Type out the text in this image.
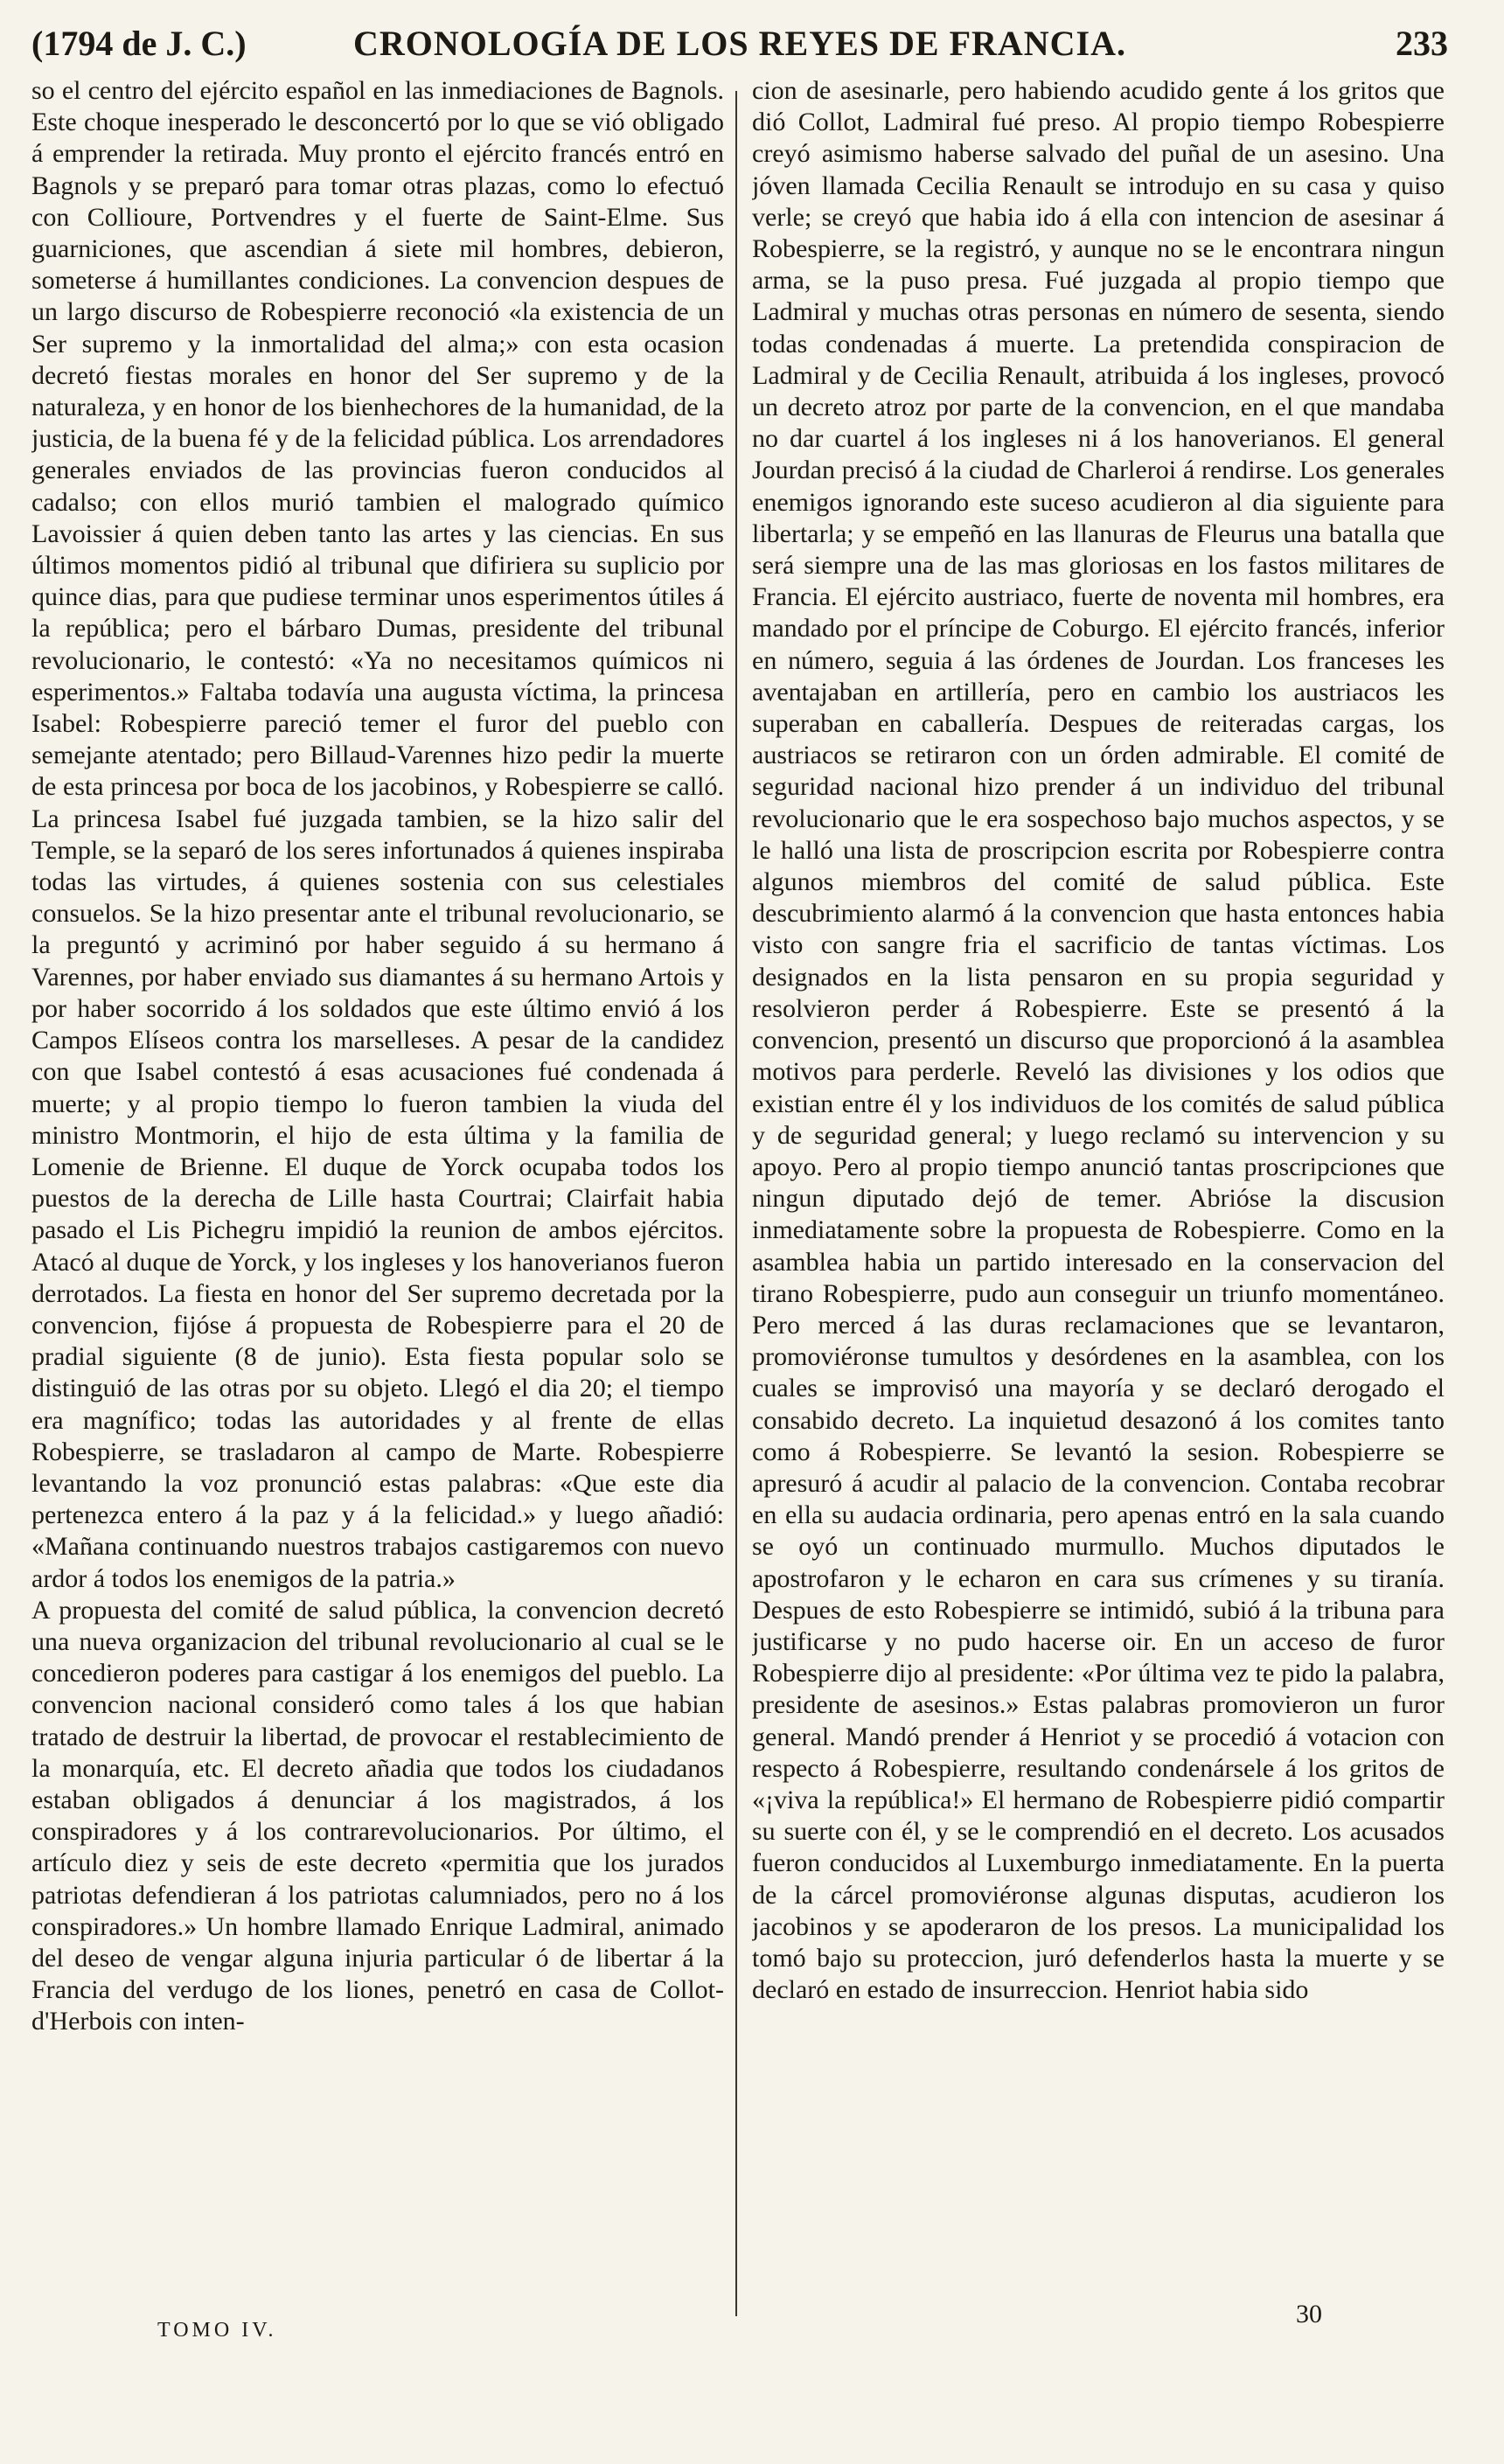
(1794 de J. C.)	CRONOLOGÍA DE LOS REYES DE FRANCIA.	233

so el centro del ejército español en las inmediaciones de Bagnols. Este choque inesperado le desconcertó por lo que se vió obligado á emprender la retirada. Muy pronto el ejército francés entró en Bagnols y se preparó para tomar otras plazas, como lo efectuó con Collioure, Portvendres y el fuerte de Saint-Elme. Sus guarniciones, que ascendian á siete mil hombres, debieron, someterse á humillantes condiciones. La convencion despues de un largo discurso de Robespierre reconoció «la existencia de un Ser supremo y la inmortalidad del alma;» con esta ocasion decretó fiestas morales en honor del Ser supremo y de la naturaleza, y en honor de los bienhechores de la humanidad, de la justicia, de la buena fé y de la felicidad pública. Los arrendadores generales enviados de las provincias fueron conducidos al cadalso; con ellos murió tambien el malogrado químico Lavoissier á quien deben tanto las artes y las ciencias. En sus últimos momentos pidió al tribunal que difiriera su suplicio por quince dias, para que pudiese terminar unos esperimentos útiles á la república; pero el bárbaro Dumas, presidente del tribunal revolucionario, le contestó: «Ya no necesitamos químicos ni esperimentos.» Faltaba todavía una augusta víctima, la princesa Isabel: Robespierre pareció temer el furor del pueblo con semejante atentado; pero Billaud-Varennes hizo pedir la muerte de esta princesa por boca de los jacobinos, y Robespierre se calló. La princesa Isabel fué juzgada tambien, se la hizo salir del Temple, se la separó de los seres infortunados á quienes inspiraba todas las virtudes, á quienes sostenia con sus celestiales consuelos. Se la hizo presentar ante el tribunal revolucionario, se la preguntó y acriminó por haber seguido á su hermano á Varennes, por haber enviado sus diamantes á su hermano Artois y por haber socorrido á los soldados que este último envió á los Campos Elíseos contra los marselleses. A pesar de la candidez con que Isabel contestó á esas acusaciones fué condenada á muerte; y al propio tiempo lo fueron tambien la viuda del ministro Montmorin, el hijo de esta última y la familia de Lomenie de Brienne. El duque de Yorck ocupaba todos los puestos de la derecha de Lille hasta Courtrai; Clairfait habia pasado el Lis Pichegru impidió la reunion de ambos ejércitos. Atacó al duque de Yorck, y los ingleses y los hanoverianos fueron derrotados. La fiesta en honor del Ser supremo decretada por la convencion, fijóse á propuesta de Robespierre para el 20 de pradial siguiente (8 de junio). Esta fiesta popular solo se distinguió de las otras por su objeto. Llegó el dia 20; el tiempo era magnífico; todas las autoridades y al frente de ellas Robespierre, se trasladaron al campo de Marte. Robespierre levantando la voz pronunció estas palabras: «Que este dia pertenezca entero á la paz y á la felicidad.» y luego añadió: «Mañana continuando nuestros trabajos castigaremos con nuevo ardor á todos los enemigos de la patria.»

A propuesta del comité de salud pública, la convencion decretó una nueva organizacion del tribunal revolucionario al cual se le concedieron poderes para castigar á los enemigos del pueblo. La convencion nacional consideró como tales á los que habian tratado de destruir la libertad, de provocar el restablecimiento de la monarquía, etc. El decreto añadia que todos los ciudadanos estaban obligados á denunciar á los magistrados, á los conspiradores y á los contrarevolucionarios. Por último, el artículo diez y seis de este decreto «permitia que los jurados patriotas defendieran á los patriotas calumniados, pero no á los conspiradores.» Un hombre llamado Enrique Ladmiral, animado del deseo de vengar alguna injuria particular ó de libertar á la Francia del verdugo de los liones, penetró en casa de Collot-d'Herbois con inten-

cion de asesinarle, pero habiendo acudido gente á los gritos que dió Collot, Ladmiral fué preso. Al propio tiempo Robespierre creyó asimismo haberse salvado del puñal de un asesino. Una jóven llamada Cecilia Renault se introdujo en su casa y quiso verle; se creyó que habia ido á ella con intencion de asesinar á Robespierre, se la registró, y aunque no se le encontrara ningun arma, se la puso presa. Fué juzgada al propio tiempo que Ladmiral y muchas otras personas en número de sesenta, siendo todas condenadas á muerte. La pretendida conspiracion de Ladmiral y de Cecilia Renault, atribuida á los ingleses, provocó un decreto atroz por parte de la convencion, en el que mandaba no dar cuartel á los ingleses ni á los hanoverianos. El general Jourdan precisó á la ciudad de Charleroi á rendirse. Los generales enemigos ignorando este suceso acudieron al dia siguiente para libertarla; y se empeñó en las llanuras de Fleurus una batalla que será siempre una de las mas gloriosas en los fastos militares de Francia. El ejército austriaco, fuerte de noventa mil hombres, era mandado por el príncipe de Coburgo. El ejército francés, inferior en número, seguia á las órdenes de Jourdan. Los franceses les aventajaban en artillería, pero en cambio los austriacos les superaban en caballería. Despues de reiteradas cargas, los austriacos se retiraron con un órden admirable. El comité de seguridad nacional hizo prender á un individuo del tribunal revolucionario que le era sospechoso bajo muchos aspectos, y se le halló una lista de proscripcion escrita por Robespierre contra algunos miembros del comité de salud pública. Este descubrimiento alarmó á la convencion que hasta entonces habia visto con sangre fria el sacrificio de tantas víctimas. Los designados en la lista pensaron en su propia seguridad y resolvieron perder á Robespierre. Este se presentó á la convencion, presentó un discurso que proporcionó á la asamblea motivos para perderle. Reveló las divisiones y los odios que existian entre él y los individuos de los comités de salud pública y de seguridad general; y luego reclamó su intervencion y su apoyo. Pero al propio tiempo anunció tantas proscripciones que ningun diputado dejó de temer. Abrióse la discusion inmediatamente sobre la propuesta de Robespierre. Como en la asamblea habia un partido interesado en la conservacion del tirano Robespierre, pudo aun conseguir un triunfo momentáneo. Pero merced á las duras reclamaciones que se levantaron, promoviéronse tumultos y desórdenes en la asamblea, con los cuales se improvisó una mayoría y se declaró derogado el consabido decreto. La inquietud desazonó á los comites tanto como á Robespierre. Se levantó la sesion. Robespierre se apresuró á acudir al palacio de la convencion. Contaba recobrar en ella su audacia ordinaria, pero apenas entró en la sala cuando se oyó un continuado murmullo. Muchos diputados le apostrofaron y le echaron en cara sus crímenes y su tiranía. Despues de esto Robespierre se intimidó, subió á la tribuna para justificarse y no pudo hacerse oir. En un acceso de furor Robespierre dijo al presidente: «Por última vez te pido la palabra, presidente de asesinos.» Estas palabras promovieron un furor general. Mandó prender á Henriot y se procedió á votacion con respecto á Robespierre, resultando condenársele á los gritos de «¡viva la república!» El hermano de Robespierre pidió compartir su suerte con él, y se le comprendió en el decreto. Los acusados fueron conducidos al Luxemburgo inmediatamente. En la puerta de la cárcel promoviéronse algunas disputas, acudieron los jacobinos y se apoderaron de los presos. La municipalidad los tomó bajo su proteccion, juró defenderlos hasta la muerte y se declaró en estado de insurreccion. Henriot habia sido

TOMO IV.
30
